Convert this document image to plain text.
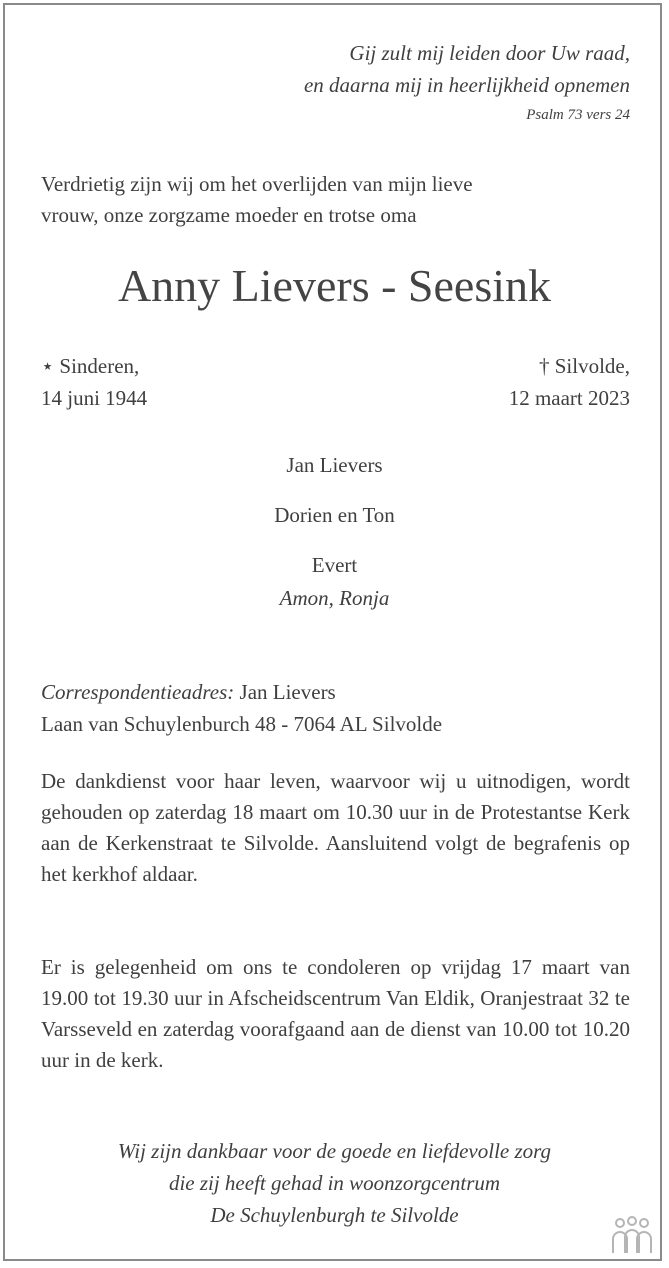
Gij zult mij leiden door Uw raad,
en daarna mij in heerlijkheid opnemen
Psalm 73 vers 24
Verdrietig zijn wij om het overlijden van mijn lieve
vrouw, onze zorgzame moeder en trotse oma
Anny Lievers - Seesink
⋆ Sinderen,
14 juni 1944
† Silvolde,
12 maart 2023
Jan Lievers
Dorien en Ton
Evert
Amon, Ronja
Correspondentieadres: Jan Lievers
Laan van Schuylenburch 48 - 7064 AL Silvolde
De dankdienst voor haar leven, waarvoor wij u uitnodigen, wordt gehouden op zaterdag 18 maart om 10.30 uur in de Protestantse Kerk aan de Kerkenstraat te Silvolde. Aansluitend volgt de begrafenis op het kerkhof aldaar.
Er is gelegenheid om ons te condoleren op vrijdag 17 maart van 19.00 tot 19.30 uur in Afscheidscentrum Van Eldik, Oranjestraat 32 te Varsseveld en zaterdag voorafgaand aan de dienst van 10.00 tot 10.20 uur in de kerk.
Wij zijn dankbaar voor de goede en liefdevolle zorg
die zij heeft gehad in woonzorgcentrum
De Schuylenburgh te Silvolde
